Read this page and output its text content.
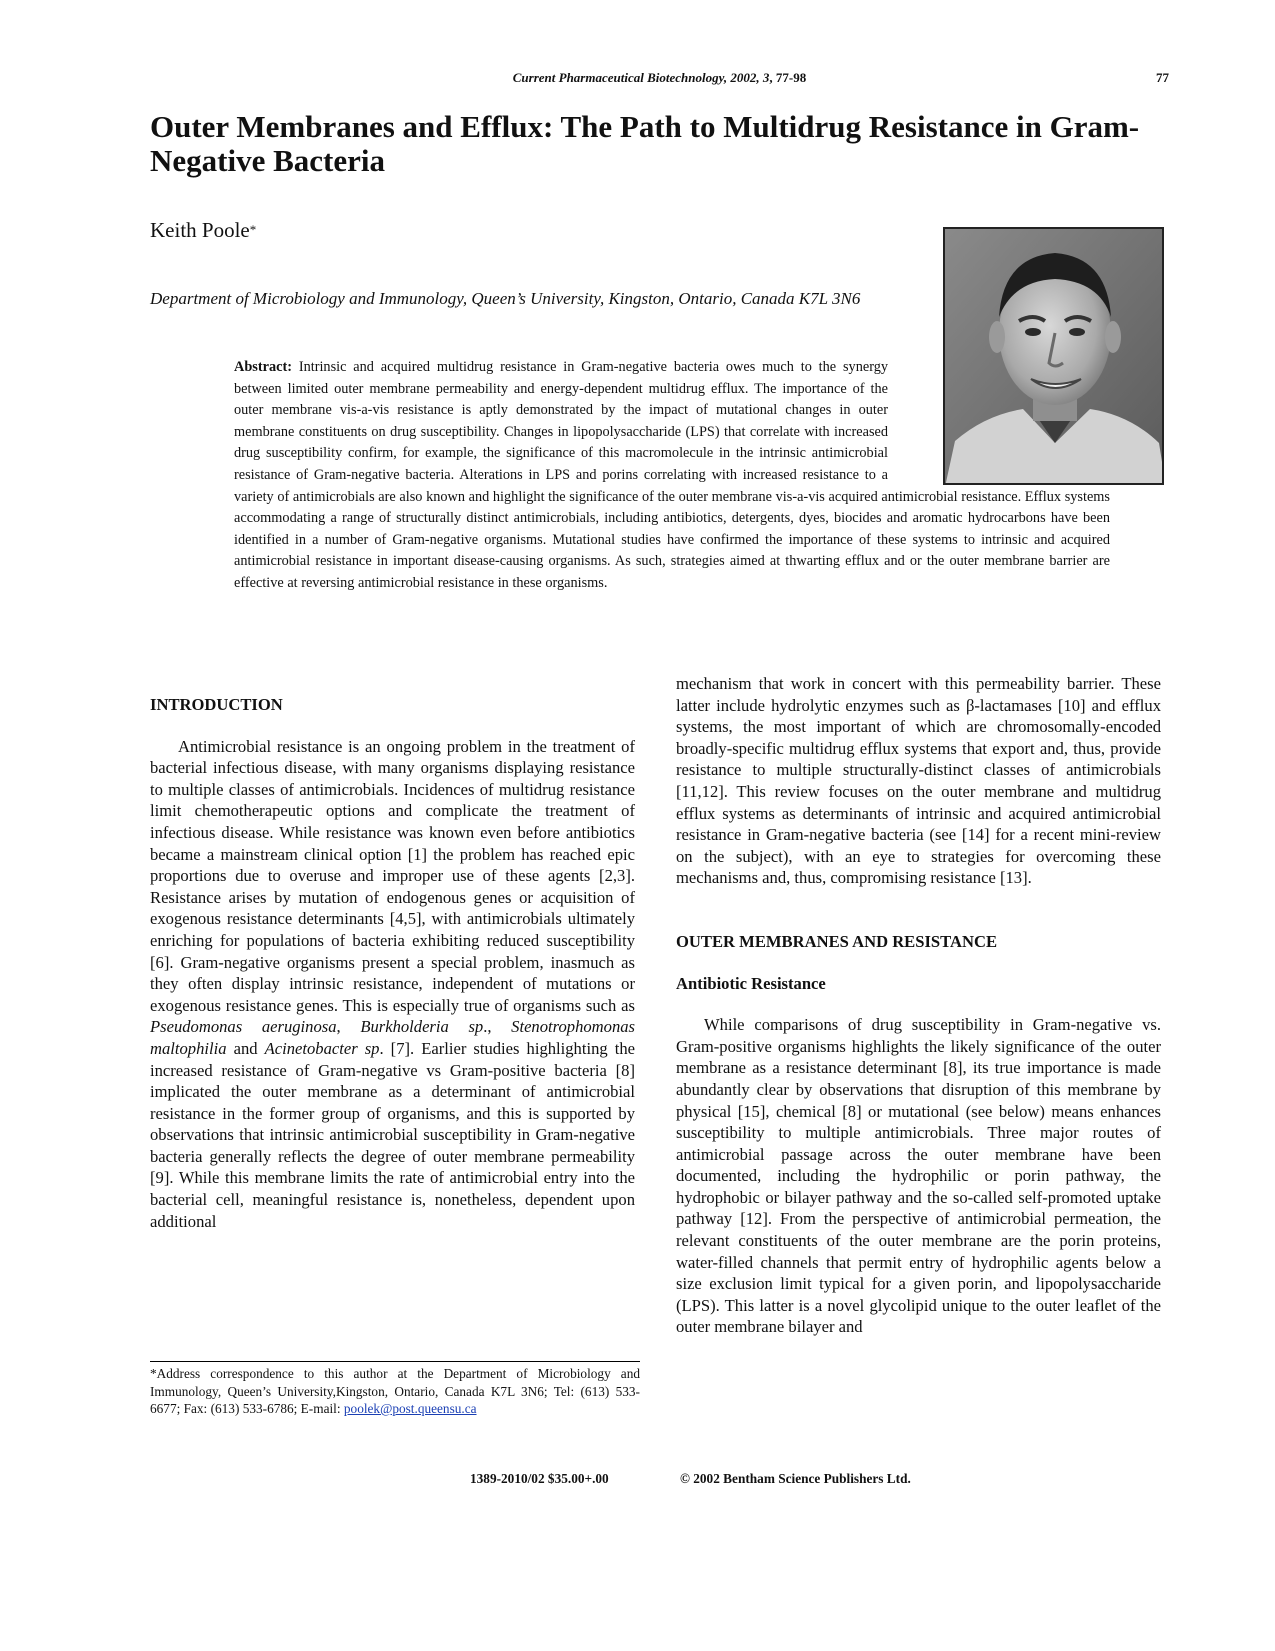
Current Pharmaceutical Biotechnology, 2002, 3, 77-98	77
Outer Membranes and Efflux: The Path to Multidrug Resistance in Gram-Negative Bacteria
Keith Poole*
Department of Microbiology and Immunology, Queen’s University, Kingston, Ontario, Canada K7L 3N6
Abstract: Intrinsic and acquired multidrug resistance in Gram-negative bacteria owes much to the synergy between limited outer membrane permeability and energy-dependent multidrug efflux. The importance of the outer membrane vis-a-vis resistance is aptly demonstrated by the impact of mutational changes in outer membrane constituents on drug susceptibility. Changes in lipopolysaccharide (LPS) that correlate with increased drug susceptibility confirm, for example, the significance of this macromolecule in the intrinsic antimicrobial resistance of Gram-negative bacteria. Alterations in LPS and porins correlating with increased resistance to a variety of antimicrobials are also known and highlight the significance of the outer membrane vis-a-vis acquired antimicrobial resistance. Efflux systems accommodating a range of structurally distinct antimicrobials, including antibiotics, detergents, dyes, biocides and aromatic hydrocarbons have been identified in a number of Gram-negative organisms. Mutational studies have confirmed the importance of these systems to intrinsic and acquired antimicrobial resistance in important disease-causing organisms. As such, strategies aimed at thwarting efflux and or the outer membrane barrier are effective at reversing antimicrobial resistance in these organisms.
INTRODUCTION

Antimicrobial resistance is an ongoing problem in the treatment of bacterial infectious disease, with many organisms displaying resistance to multiple classes of antimicrobials. Incidences of multidrug resistance limit chemotherapeutic options and complicate the treatment of infectious disease. While resistance was known even before antibiotics became a mainstream clinical option [1] the problem has reached epic proportions due to overuse and improper use of these agents [2,3]. Resistance arises by mutation of endogenous genes or acquisition of exogenous resistance determinants [4,5], with antimicrobials ultimately enriching for populations of bacteria exhibiting reduced susceptibility [6]. Gram-negative organisms present a special problem, inasmuch as they often display intrinsic resistance, independent of mutations or exogenous resistance genes. This is especially true of organisms such as Pseudomonas aeruginosa, Burkholderia sp., Stenotrophomonas maltophilia and Acinetobacter sp. [7]. Earlier studies highlighting the increased resistance of Gram-negative vs Gram-positive bacteria [8] implicated the outer membrane as a determinant of antimicrobial resistance in the former group of organisms, and this is supported by observations that intrinsic antimicrobial susceptibility in Gram-negative bacteria generally reflects the degree of outer membrane permeability [9]. While this membrane limits the rate of antimicrobial entry into the bacterial cell, meaningful resistance is, nonetheless, dependent upon additional

mechanism that work in concert with this permeability barrier. These latter include hydrolytic enzymes such as β-lactamases [10] and efflux systems, the most important of which are chromosomally-encoded broadly-specific multidrug efflux systems that export and, thus, provide resistance to multiple structurally-distinct classes of antimicrobials [11,12]. This review focuses on the outer membrane and multidrug efflux systems as determinants of intrinsic and acquired antimicrobial resistance in Gram-negative bacteria (see [14] for a recent mini-review on the subject), with an eye to strategies for overcoming these mechanisms and, thus, compromising resistance [13].

OUTER MEMBRANES AND RESISTANCE
Antibiotic Resistance

While comparisons of drug susceptibility in Gram-negative vs. Gram-positive organisms highlights the likely significance of the outer membrane as a resistance determinant [8], its true importance is made abundantly clear by observations that disruption of this membrane by physical [15], chemical [8] or mutational (see below) means enhances susceptibility to multiple antimicrobials. Three major routes of antimicrobial passage across the outer membrane have been documented, including the hydrophilic or porin pathway, the hydrophobic or bilayer pathway and the so-called self-promoted uptake pathway [12]. From the perspective of antimicrobial permeation, the relevant constituents of the outer membrane are the porin proteins, water-filled channels that permit entry of hydrophilic agents below a size exclusion limit typical for a given porin, and lipopolysaccharide (LPS). This latter is a novel glycolipid unique to the outer leaflet of the outer membrane bilayer and

*Address correspondence to this author at the Department of Microbiology and Immunology, Queen’s University,Kingston, Ontario, Canada K7L 3N6; Tel: (613) 533-6677; Fax: (613) 533-6786; E-mail: poolek@post.queensu.ca
1389-2010/02 $35.00+.00	© 2002 Bentham Science Publishers Ltd.
